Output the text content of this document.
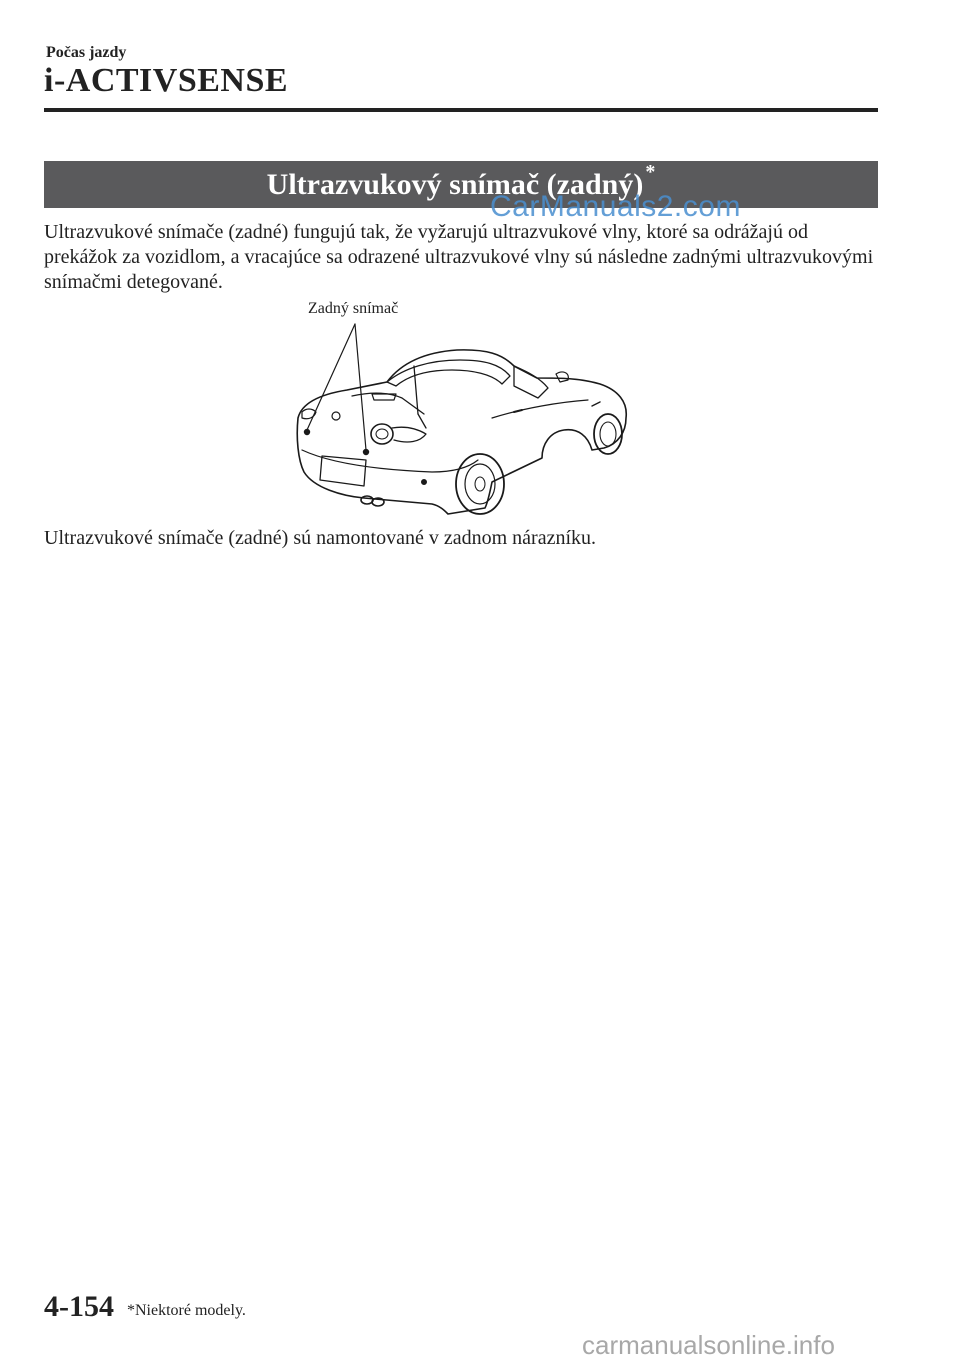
Počas jazdy
i-ACTIVSENSE
Ultrazvukový snímač (zadný) *
CarManuals2.com
Ultrazvukové snímače (zadné) fungujú tak, že vyžarujú ultrazvukové vlny, ktoré sa odrážajú od prekážok za vozidlom, a vracajúce sa odrazené ultrazvukové vlny sú následne zadnými ultrazvukovými snímačmi detegované.
Zadný snímač
Ultrazvukové snímače (zadné) sú namontované v zadnom nárazníku.
4-154 *Niektoré modely.
carmanualsonline.info
